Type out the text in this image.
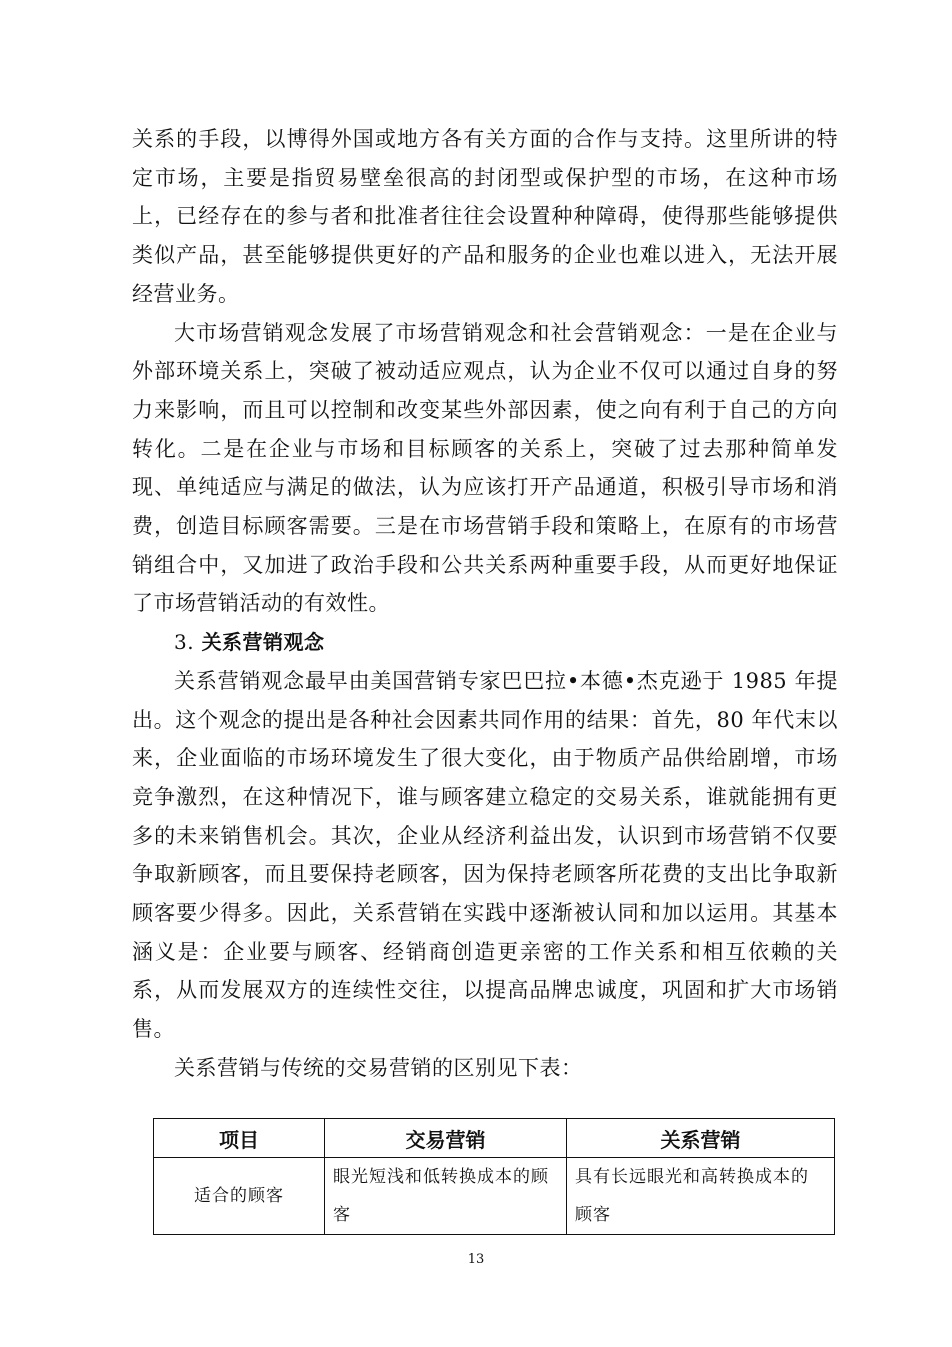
关系的手段，以博得外国或地方各有关方面的合作与支持。这里所讲的特定市场，主要是指贸易壁垒很高的封闭型或保护型的市场，在这种市场上，已经存在的参与者和批准者往往会设置种种障碍，使得那些能够提供类似产品，甚至能够提供更好的产品和服务的企业也难以进入，无法开展经营业务。

大市场营销观念发展了市场营销观念和社会营销观念：一是在企业与外部环境关系上，突破了被动适应观点，认为企业不仅可以通过自身的努力来影响，而且可以控制和改变某些外部因素，使之向有利于自己的方向转化。二是在企业与市场和目标顾客的关系上，突破了过去那种简单发现、单纯适应与满足的做法，认为应该打开产品通道，积极引导市场和消费，创造目标顾客需要。三是在市场营销手段和策略上，在原有的市场营销组合中，又加进了政治手段和公共关系两种重要手段，从而更好地保证了市场营销活动的有效性。

3. 关系营销观念

关系营销观念最早由美国营销专家巴巴拉•本德•杰克逊于 1985 年提出。这个观念的提出是各种社会因素共同作用的结果：首先，80 年代末以来，企业面临的市场环境发生了很大变化，由于物质产品供给剧增，市场竞争激烈，在这种情况下，谁与顾客建立稳定的交易关系，谁就能拥有更多的未来销售机会。其次，企业从经济利益出发，认识到市场营销不仅要争取新顾客，而且要保持老顾客，因为保持老顾客所花费的支出比争取新顾客要少得多。因此，关系营销在实践中逐渐被认同和加以运用。其基本涵义是：企业要与顾客、经销商创造更亲密的工作关系和相互依赖的关系，从而发展双方的连续性交往，以提高品牌忠诚度，巩固和扩大市场销售。

关系营销与传统的交易营销的区别见下表：

项目	交易营销	关系营销
适合的顾客	眼光短浅和低转换成本的顾客	具有长远眼光和高转换成本的顾客
13
